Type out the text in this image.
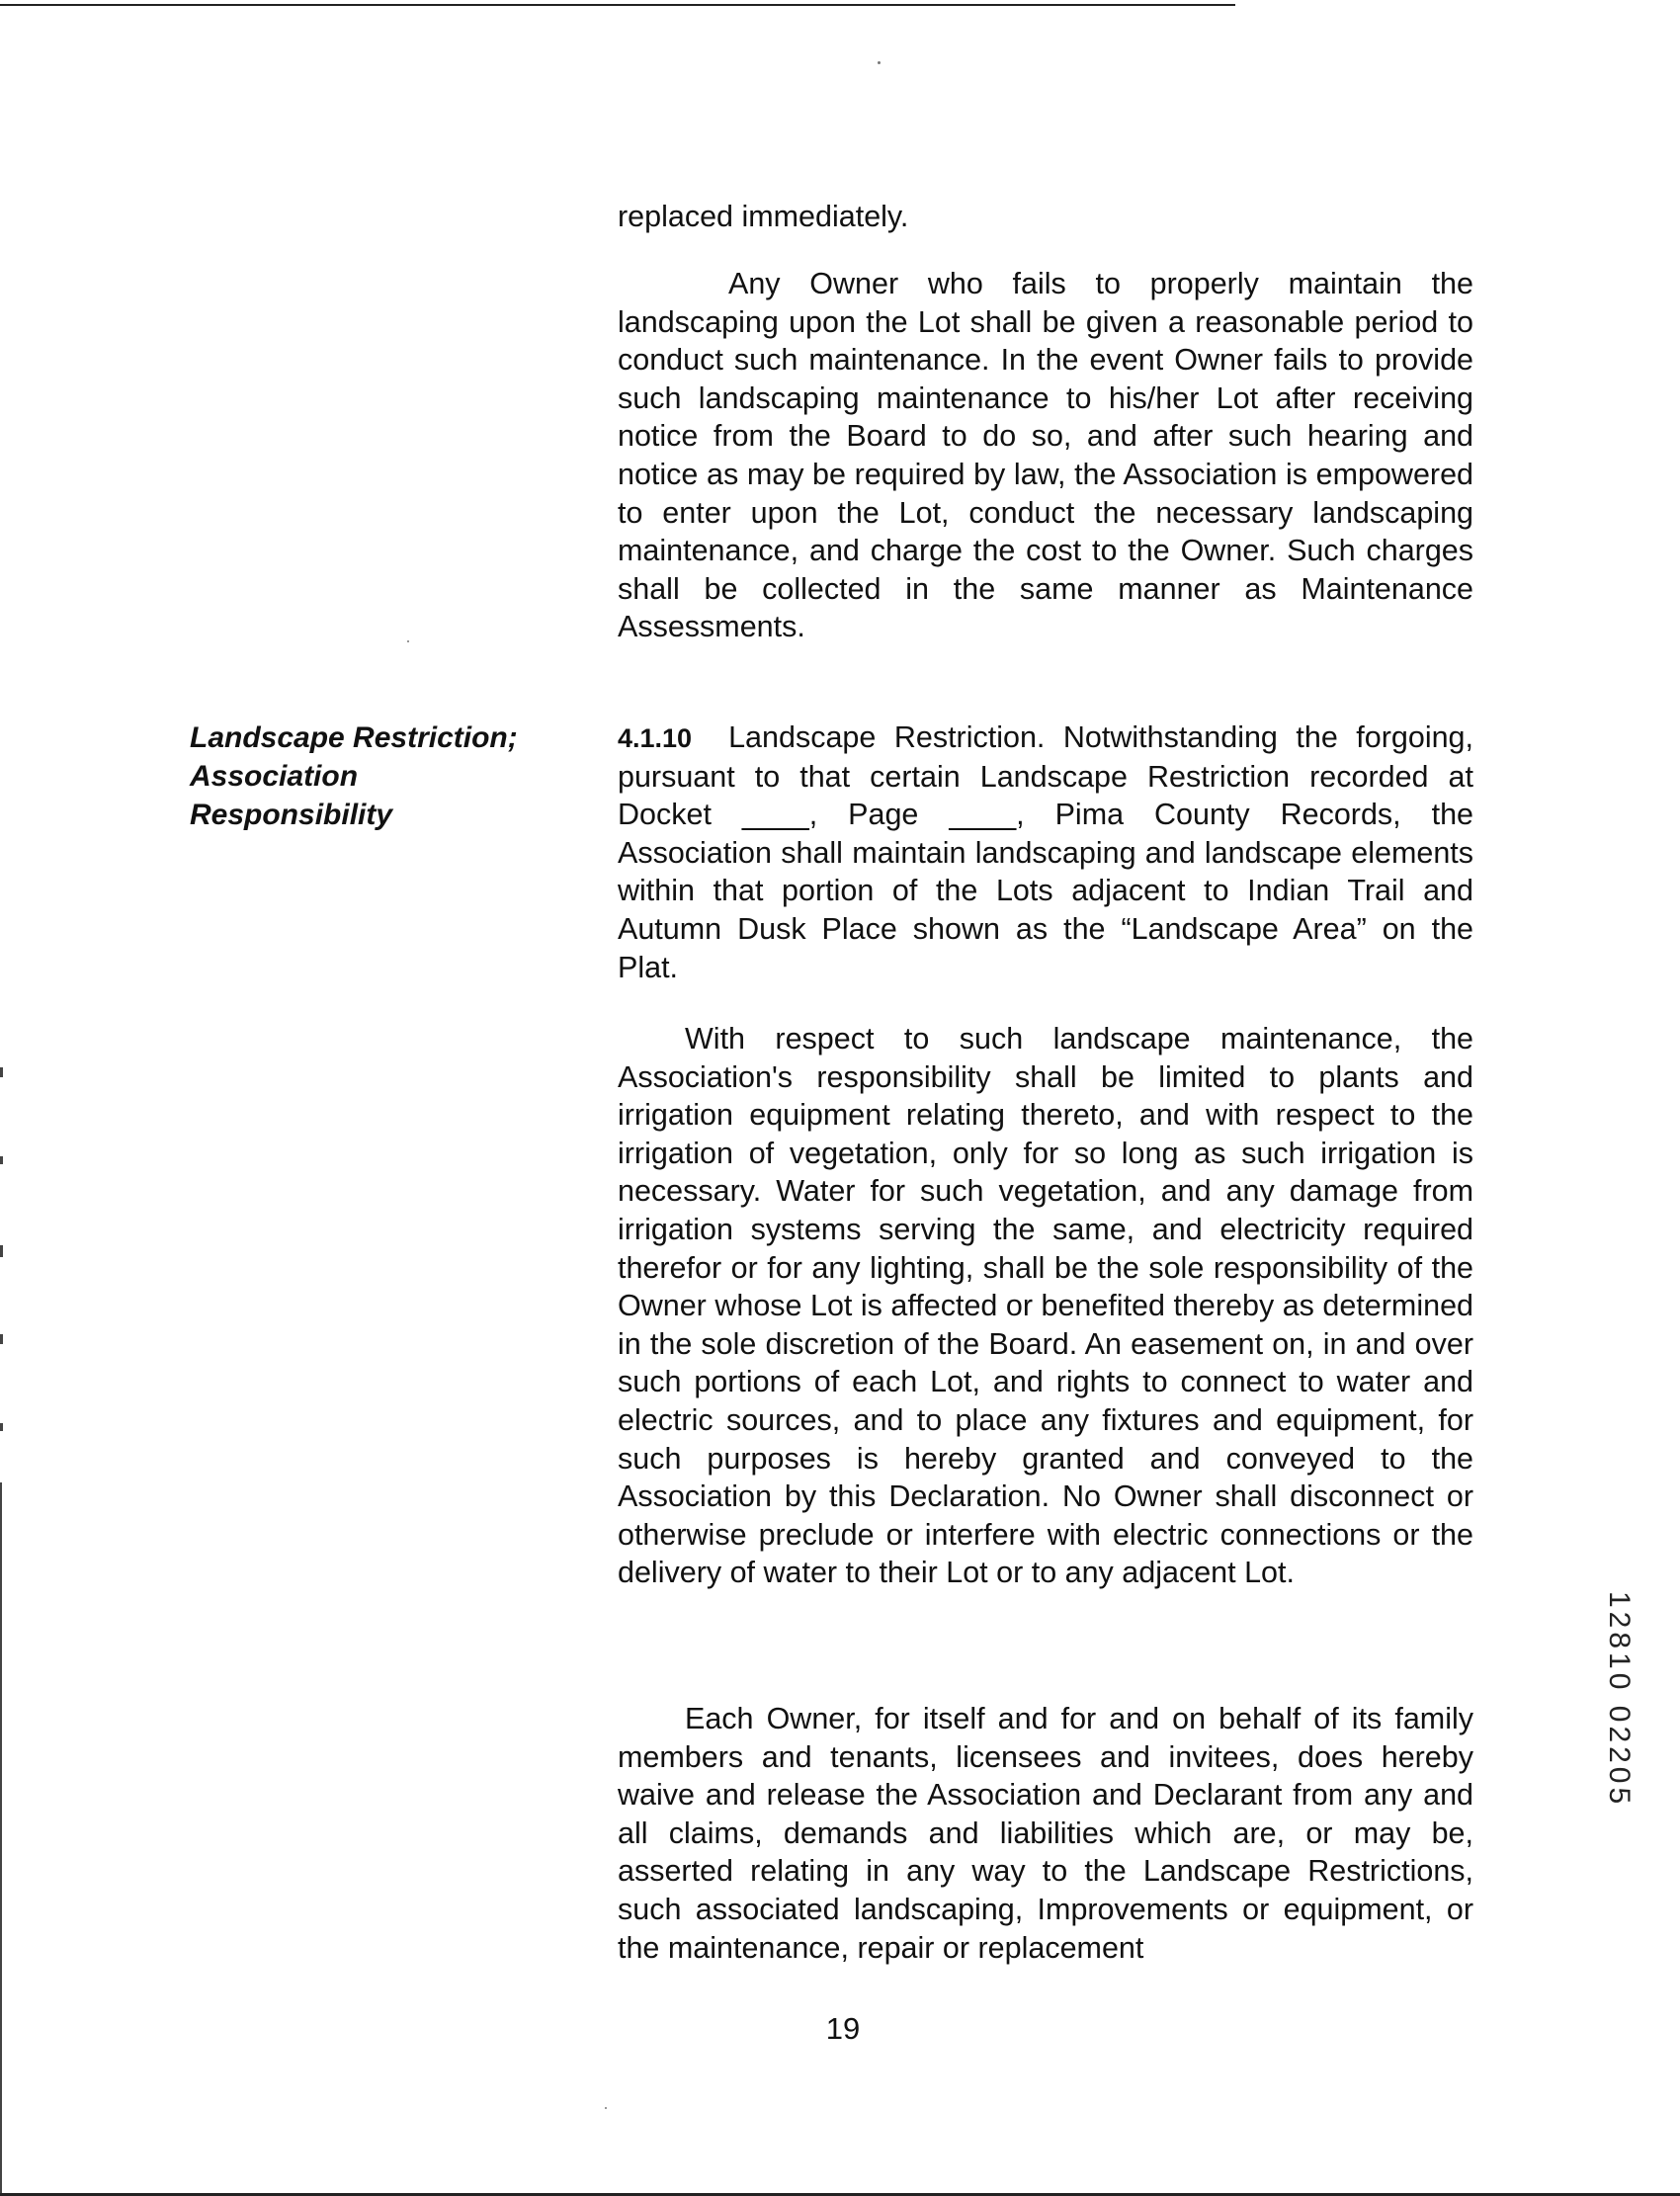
Landscape Restriction;
Association
Responsibility

replaced immediately.

Any Owner who fails to properly maintain the landscaping upon the Lot shall be given a reasonable period to conduct such maintenance. In the event Owner fails to provide such landscaping maintenance to his/her Lot after receiving notice from the Board to do so, and after such hearing and notice as may be required by law, the Association is empowered to enter upon the Lot, conduct the necessary landscaping maintenance, and charge the cost to the Owner. Such charges shall be collected in the same manner as Maintenance Assessments.

4.1.10 Landscape Restriction. Notwithstanding the forgoing, pursuant to that certain Landscape Restriction recorded at Docket ____, Page ____, Pima County Records, the Association shall maintain landscaping and landscape elements within that portion of the Lots adjacent to Indian Trail and Autumn Dusk Place shown as the “Landscape Area” on the Plat.

With respect to such landscape maintenance, the Association's responsibility shall be limited to plants and irrigation equipment relating thereto, and with respect to the irrigation of vegetation, only for so long as such irrigation is necessary. Water for such vegetation, and any damage from irrigation systems serving the same, and electricity required therefor or for any lighting, shall be the sole responsibility of the Owner whose Lot is affected or benefited thereby as determined in the sole discretion of the Board. An easement on, in and over such portions of each Lot, and rights to connect to water and electric sources, and to place any fixtures and equipment, for such purposes is hereby granted and conveyed to the Association by this Declaration. No Owner shall disconnect or otherwise preclude or interfere with electric connections or the delivery of water to their Lot or to any adjacent Lot.

Each Owner, for itself and for and on behalf of its family members and tenants, licensees and invitees, does hereby waive and release the Association and Declarant from any and all claims, demands and liabilities which are, or may be, asserted relating in any way to the Landscape Restrictions, such associated landscaping, Improvements or equipment, or the maintenance, repair or replacement

19
12810 02205
